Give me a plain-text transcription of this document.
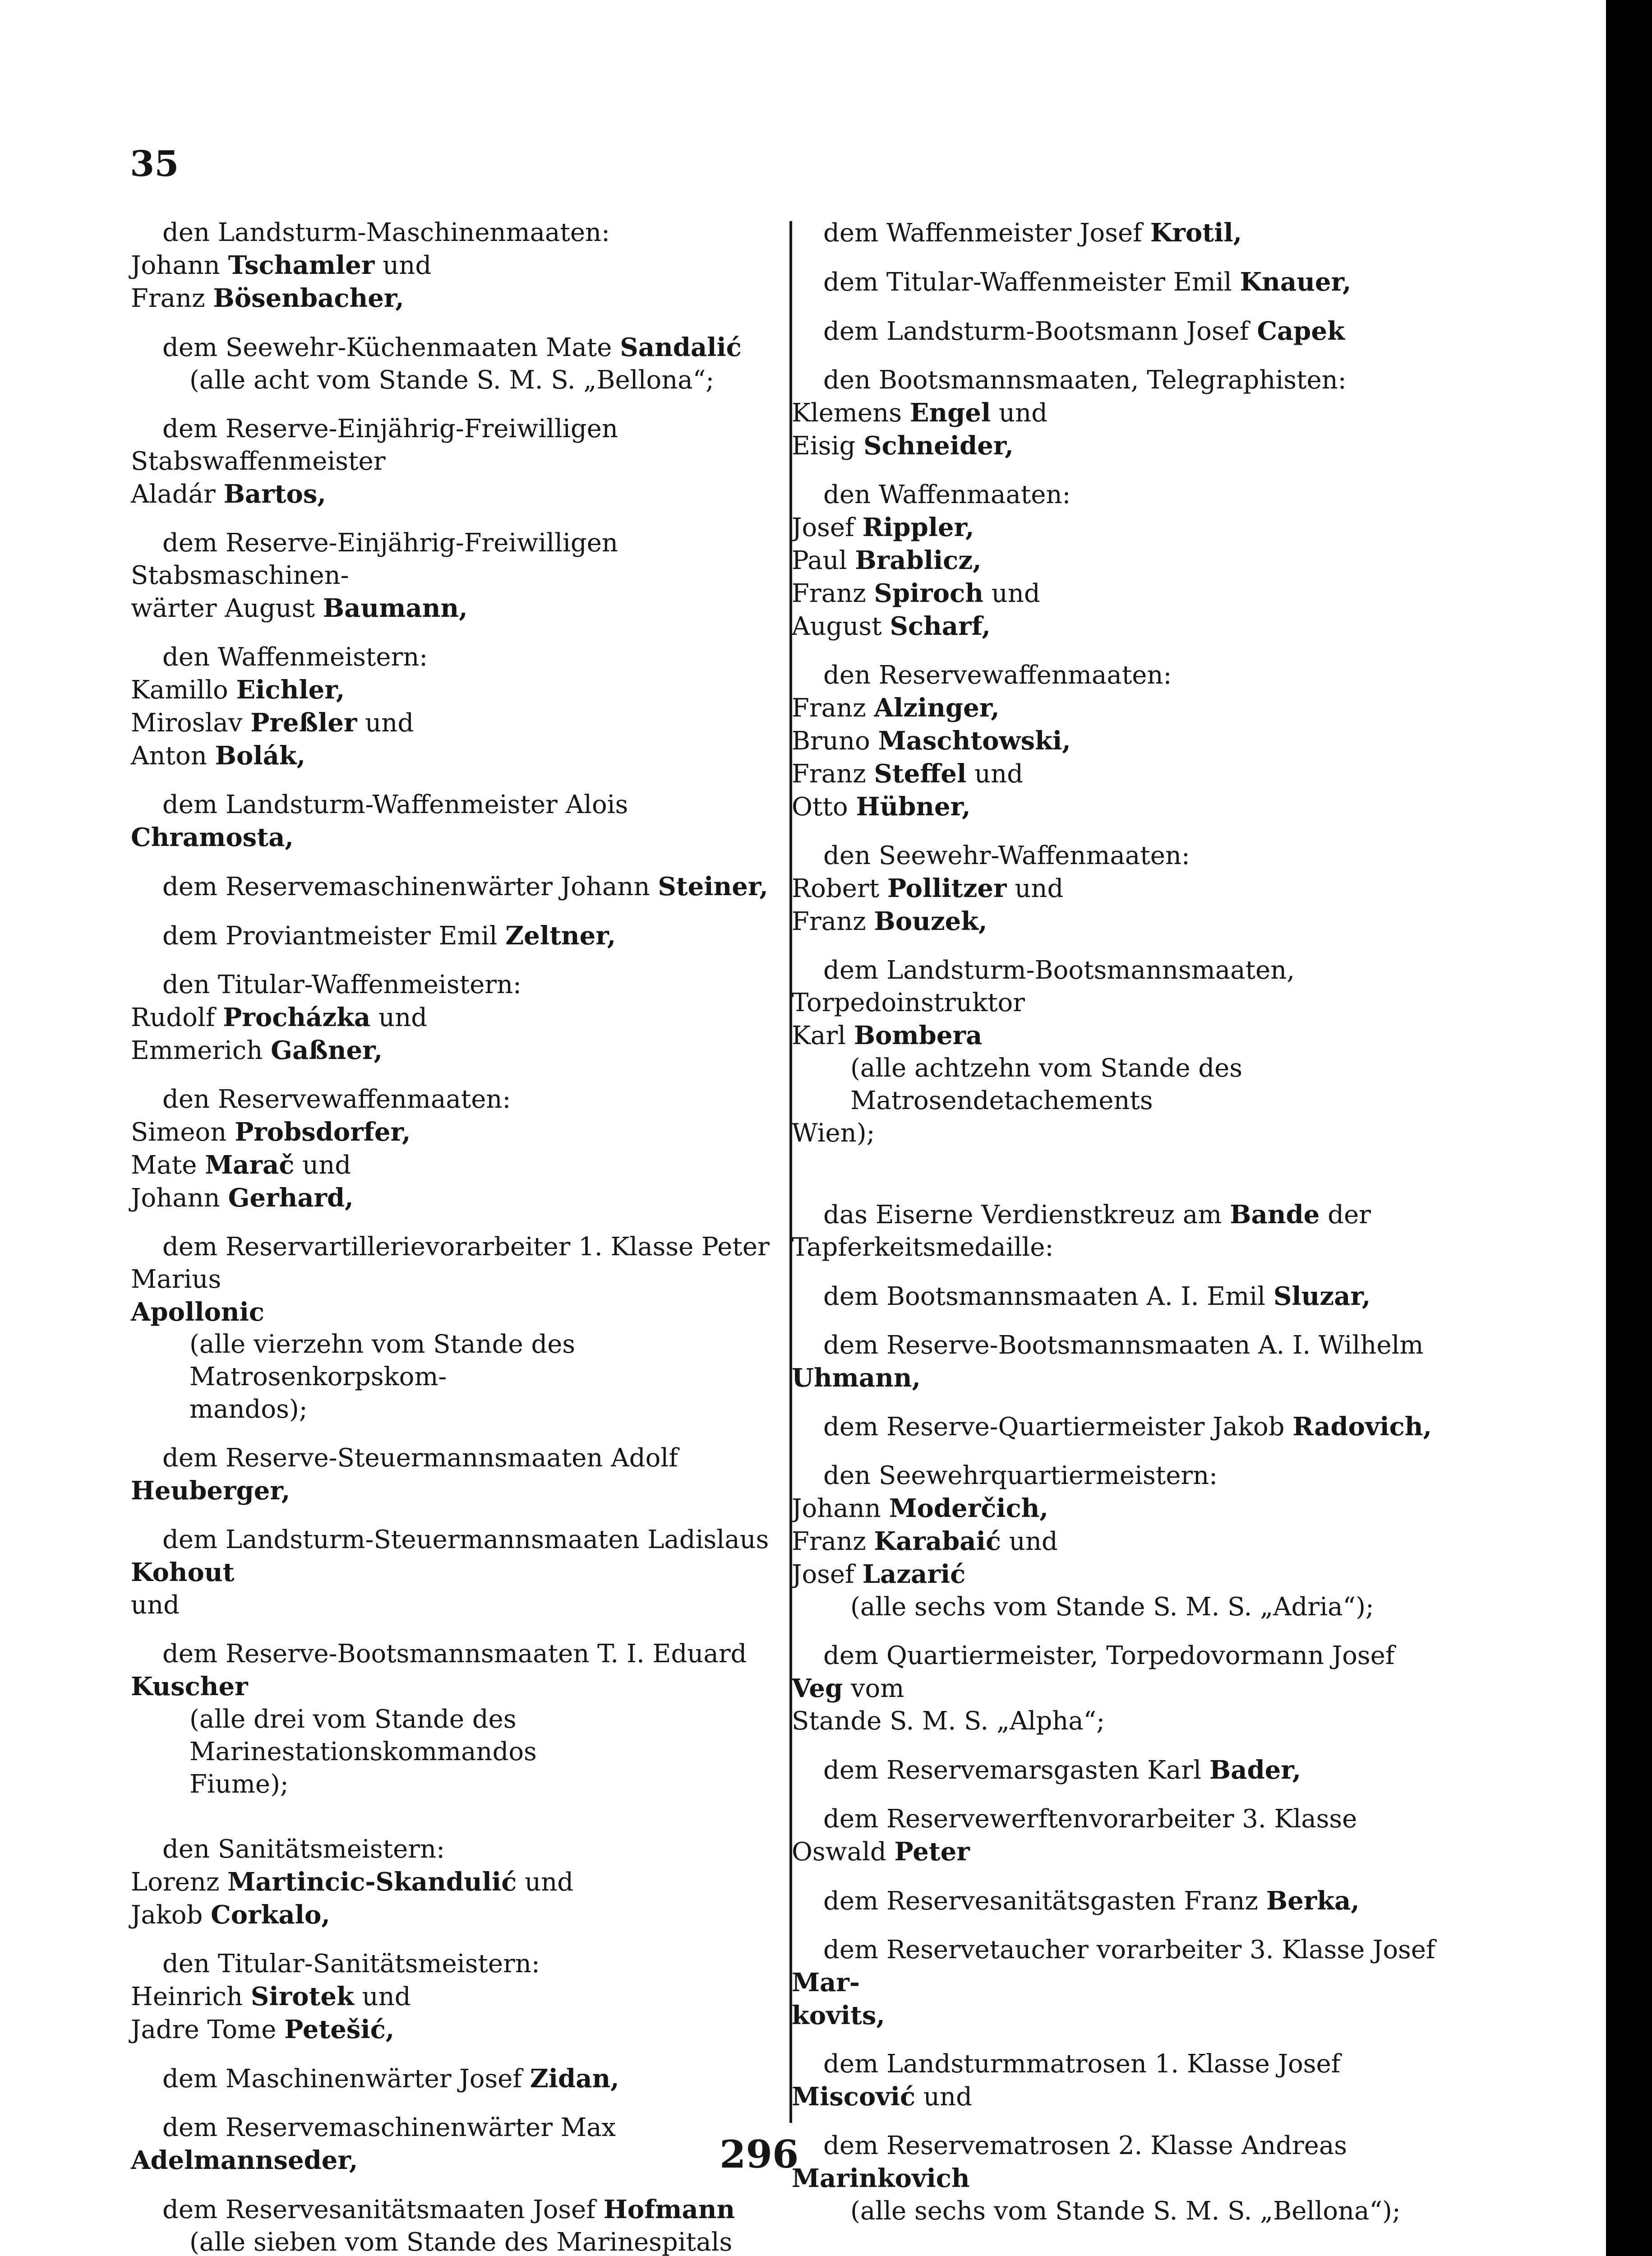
35

den Landsturm-Maschinenmaaten:

Johann Tschamler und

Franz Bösenbacher,

dem Seewehr-Küchenmaaten Mate Sandalić

(alle acht vom Stande S. M. S. „Bellona“;

dem Reserve-Einjährig-Freiwilligen Stabswaffenmeister

Aladár Bartos,

dem Reserve-Einjährig-Freiwilligen Stabsmaschinen-

wärter August Baumann,

den Waffenmeistern:

Kamillo Eichler,

Miroslav Preßler und

Anton Bolák,

dem Landsturm-Waffenmeister Alois Chramosta,

dem Reservemaschinenwärter Johann Steiner,

dem Proviantmeister Emil Zeltner,

den Titular-Waffenmeistern:

Rudolf Procházka und

Emmerich Gaßner,

den Reservewaffenmaaten:

Simeon Probsdorfer,

Mate Marač und

Johann Gerhard,

dem Reservartillerievorarbeiter 1. Klasse Peter Marius

Apollonic

(alle vierzehn vom Stande des Matrosenkorpskom-

mandos);

dem Reserve-Steuermannsmaaten Adolf Heuberger,

dem Landsturm-Steuermannsmaaten Ladislaus Kohout

und

dem Reserve-Bootsmannsmaaten T. I. Eduard Kuscher

(alle drei vom Stande des Marinestationskommandos

Fiume);

den Sanitätsmeistern:

Lorenz Martincic-Skandulić und

Jakob Corkalo,

den Titular-Sanitätsmeistern:

Heinrich Sirotek und

Jadre Tome Petešić,

dem Maschinenwärter Josef Zidan,

dem Reservemaschinenwärter Max Adelmannseder,

dem Reservesanitätsmaaten Josef Hofmann

(alle sieben vom Stande des Marinespitals

dem Waffenmeister Josef Krotil,

dem Titular-Waffenmeister Emil Knauer,

dem Landsturm-Bootsmann Josef Capek

den Bootsmannsmaaten, Telegraphisten:

Klemens Engel und

Eisig Schneider,

den Waffenmaaten:

Josef Rippler,

Paul Brablicz,

Franz Spiroch und

August Scharf,

den Reservewaffenmaaten:

Franz Alzinger,

Bruno Maschtowski,

Franz Steffel und

Otto Hübner,

den Seewehr-Waffenmaaten:

Robert Pollitzer und

Franz Bouzek,

dem Landsturm-Bootsmannsmaaten, Torpedoinstruktor

Karl Bombera

(alle achtzehn vom Stande des Matrosendetachements

Wien);

das Eiserne Verdienstkreuz am Bande der

Tapferkeitsmedaille:

dem Bootsmannsmaaten A. I. Emil Sluzar,

dem Reserve-Bootsmannsmaaten A. I. Wilhelm

Uhmann,

dem Reserve-Quartiermeister Jakob Radovich,

den Seewehrquartiermeistern:

Johann Moderčich,

Franz Karabaić und

Josef Lazarić

(alle sechs vom Stande S. M. S. „Adria“);

dem Quartiermeister, Torpedovormann Josef Veg vom

Stande S. M. S. „Alpha“;

dem Reservemarsgasten Karl Bader,

dem Reservewerftenvorarbeiter 3. Klasse Oswald Peter

dem Reservesanitätsgasten Franz Berka,

dem Reservetaucher vorarbeiter 3. Klasse Josef Mar-

kovits,

dem Landsturmmatrosen 1. Klasse Josef Miscović und

dem Reservematrosen 2. Klasse Andreas Marinkovich

(alle sechs vom Stande S. M. S. „Bellona“);

296
